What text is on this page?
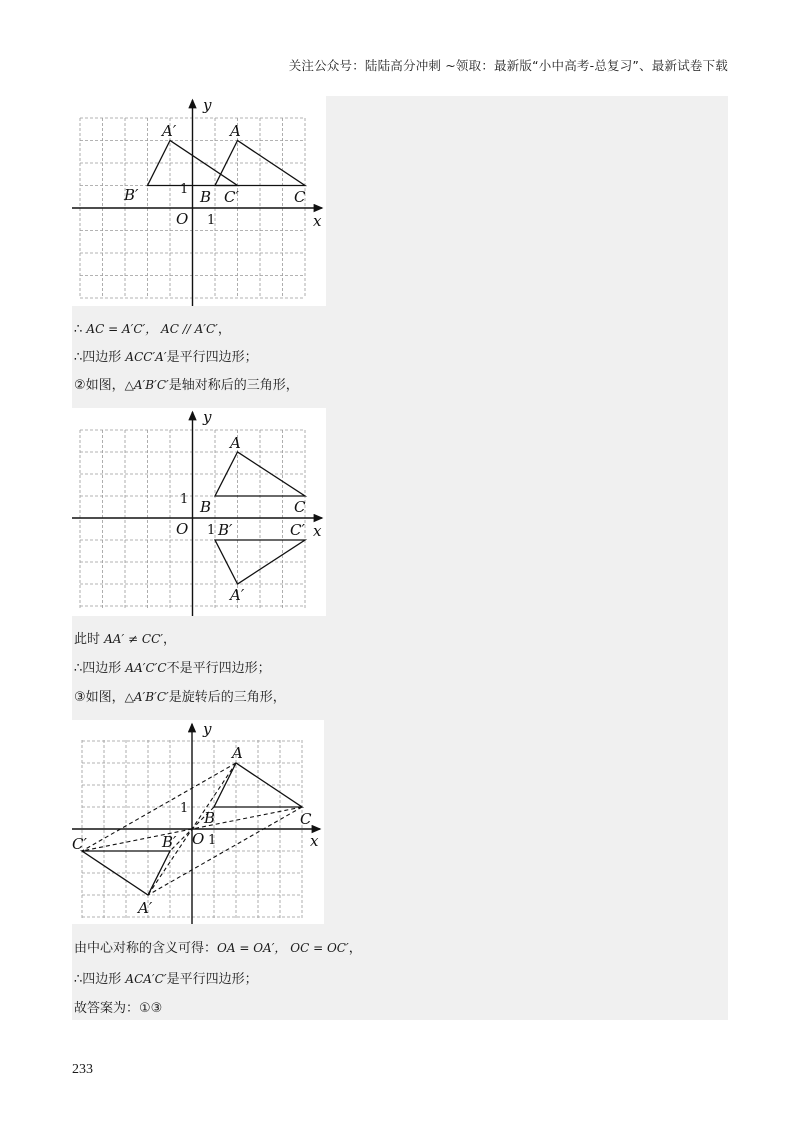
关注公众号：陆陆高分冲刺 ~领取：最新版“小中高考-总复习”、最新试卷下载
y
x
O 1
1
A
A′
B
B′	C
C′
∴ AC = A′C′， AC // A′C′，
∴四边形 ACC′A′是平行四边形；
②如图，△A′B′C′是轴对称后的三角形，
y
x
O 1
1
A
A′
B
B′
C
C′
此时 AA′ ≠ CC′，
∴四边形 AA′C′C不是平行四边形；
③如图，△A′B′C′是旋转后的三角形，
y
x
O 1
1
A
A′
B
B′
C
C′
由中心对称的含义可得：OA = OA′， OC = OC′，
∴四边形 ACA′C′是平行四边形；
故答案为：①③
233
